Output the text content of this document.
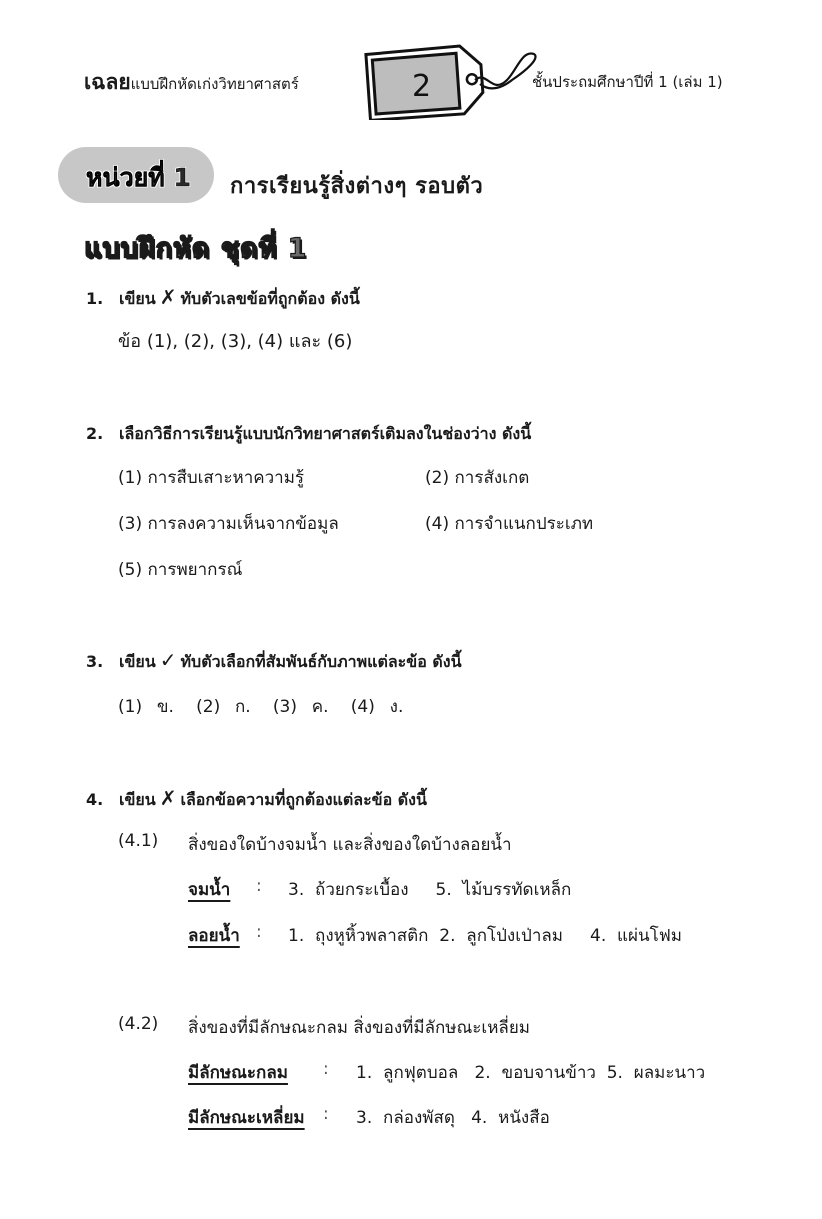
เฉลยแบบฝึกหัดเก่งวิทยาศาสตร์	2	ชั้นประถมศึกษาปีที่ 1 (เล่ม 1)
หน่วยที่ 1 การเรียนรู้สิ่งต่างๆ รอบตัว
แบบฝึกหัด ชุดที่ 1
1. เขียน ✗ ทับตัวเลขข้อที่ถูกต้อง ดังนี้
ข้อ (1), (2), (3), (4) และ (6)
2. เลือกวิธีการเรียนรู้แบบนักวิทยาศาสตร์เติมลงในช่องว่าง ดังนี้
(1) การสืบเสาะหาความรู้	(2) การสังเกต
(3) การลงความเห็นจากข้อมูล	(4) การจำแนกประเภท
(5) การพยากรณ์
3. เขียน ✓ ทับตัวเลือกที่สัมพันธ์กับภาพแต่ละข้อ ดังนี้
(1)  ข.   (2)  ก.   (3)  ค.   (4)  ง.
4. เขียน ✗ เลือกข้อความที่ถูกต้องแต่ละข้อ ดังนี้
(4.1) สิ่งของใดบ้างจมน้ำ และสิ่งของใดบ้างลอยน้ำ
จมน้ำ : 3.  ถ้วยกระเบื้อง     5.  ไม้บรรทัดเหล็ก
ลอยน้ำ : 1.  ถุงหูหิ้วพลาสติก  2.  ลูกโป่งเป่าลม     4.  แผ่นโฟม
(4.2) สิ่งของที่มีลักษณะกลม สิ่งของที่มีลักษณะเหลี่ยม
มีลักษณะกลม : 1.  ลูกฟุตบอล   2.  ขอบจานข้าว  5.  ผลมะนาว
มีลักษณะเหลี่ยม : 3.  กล่องพัสดุ   4.  หนังสือ
